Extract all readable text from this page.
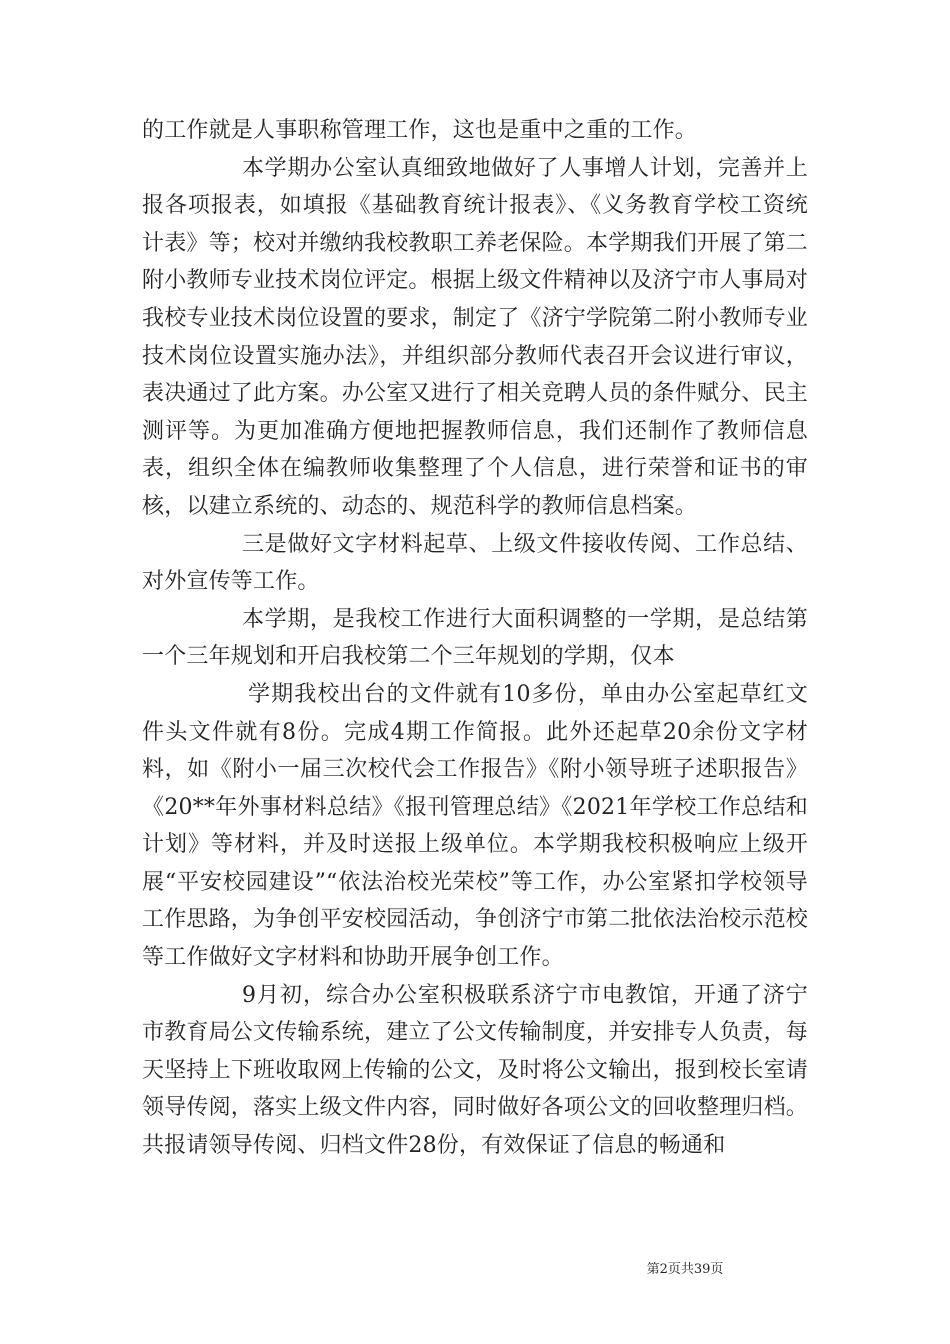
的工作就是人事职称管理工作，这也是重中之重的工作。

本学期办公室认真细致地做好了人事增人计划，完善并上报各项报表，如填报《基础教育统计报表》、《义务教育学校工资统计表》等；校对并缴纳我校教职工养老保险。本学期我们开展了第二附小教师专业技术岗位评定。根据上级文件精神以及济宁市人事局对我校专业技术岗位设置的要求，制定了《济宁学院第二附小教师专业技术岗位设置实施办法》，并组织部分教师代表召开会议进行审议，表决通过了此方案。办公室又进行了相关竞聘人员的条件赋分、民主测评等。为更加准确方便地把握教师信息，我们还制作了教师信息表，组织全体在编教师收集整理了个人信息，进行荣誉和证书的审核，以建立系统的、动态的、规范科学的教师信息档案。

三是做好文字材料起草、上级文件接收传阅、工作总结、对外宣传等工作。

本学期，是我校工作进行大面积调整的一学期，是总结第一个三年规划和开启我校第二个三年规划的学期，仅本

学期我校出台的文件就有10多份，单由办公室起草红文件头文件就有8份。完成4期工作简报。此外还起草20余份文字材料，如《附小一届三次校代会工作报告》《附小领导班子述职报告》《20**年外事材料总结》《报刊管理总结》《2021年学校工作总结和计划》等材料，并及时送报上级单位。本学期我校积极响应上级开展“平安校园建设”“依法治校光荣校”等工作，办公室紧扣学校领导工作思路，为争创平安校园活动，争创济宁市第二批依法治校示范校等工作做好文字材料和协助开展争创工作。

9月初，综合办公室积极联系济宁市电教馆，开通了济宁市教育局公文传输系统，建立了公文传输制度，并安排专人负责，每天坚持上下班收取网上传输的公文，及时将公文输出，报到校长室请领导传阅，落实上级文件内容，同时做好各项公文的回收整理归档。共报请领导传阅、归档文件28份，有效保证了信息的畅通和

第2页共39页
